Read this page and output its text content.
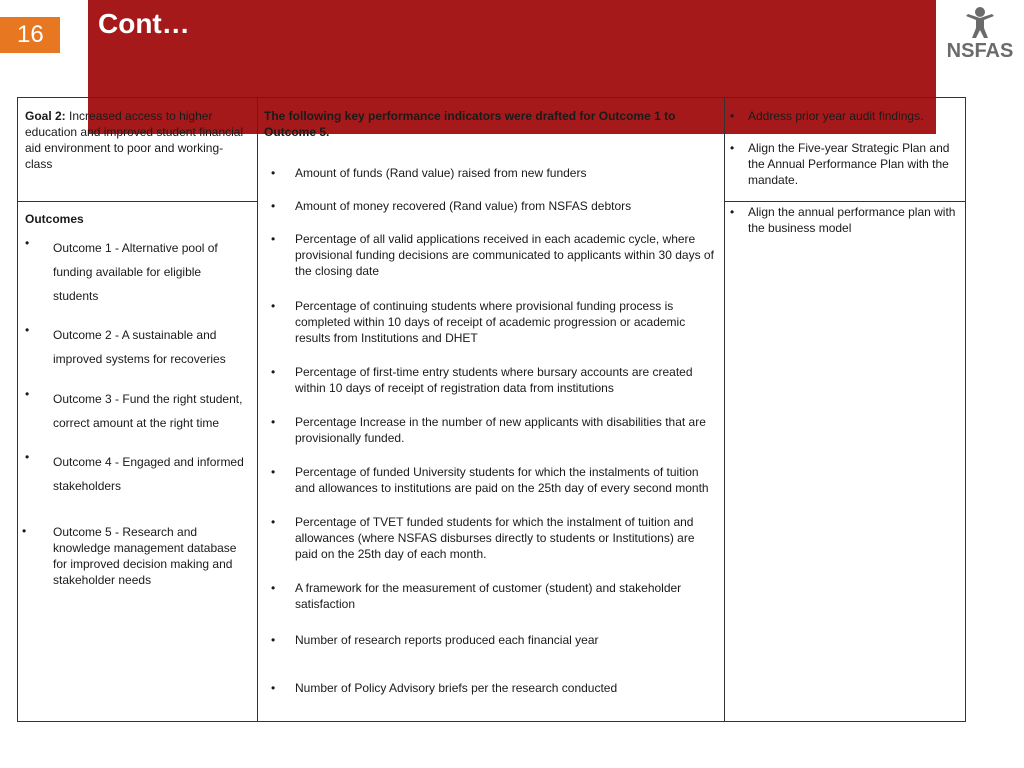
16	Cont…
NSFAS
Goal 2: Increased access to higher education and improved student financial aid environment to poor and working-class
Outcomes
• Outcome 1 - Alternative pool of funding available for eligible students
• Outcome 2 - A sustainable and improved systems for recoveries
• Outcome 3 - Fund the right student, correct amount at the right time
• Outcome 4 - Engaged and informed stakeholders
• Outcome 5 - Research and knowledge management database for improved decision making and stakeholder needs
The following key performance indicators were drafted for Outcome 1 to Outcome 5.
• Amount of funds (Rand value) raised from new funders
• Amount of money recovered (Rand value) from NSFAS debtors
• Percentage of all valid applications received in each academic cycle, where provisional funding decisions are communicated to applicants within 30 days of the closing date
• Percentage of continuing students where provisional funding process is completed within 10 days of receipt of academic progression or academic results from Institutions and DHET
• Percentage of first-time entry students where bursary accounts are created within 10 days of receipt of registration data from institutions
• Percentage Increase in the number of new applicants with disabilities that are provisionally funded.
• Percentage of funded University students for which the instalments of tuition and allowances to institutions are paid on the 25th day of every second month
• Percentage of TVET funded students for which the instalment of tuition and allowances (where NSFAS disburses directly to students or Institutions) are paid on the 25th day of each month.
• A framework for the measurement of customer (student) and stakeholder satisfaction
• Number of research reports produced each financial year
• Number of Policy Advisory briefs per the research conducted
• Address prior year audit findings.
• Align the Five-year Strategic Plan and the Annual Performance Plan with the mandate.
• Align the annual performance plan with the business model
